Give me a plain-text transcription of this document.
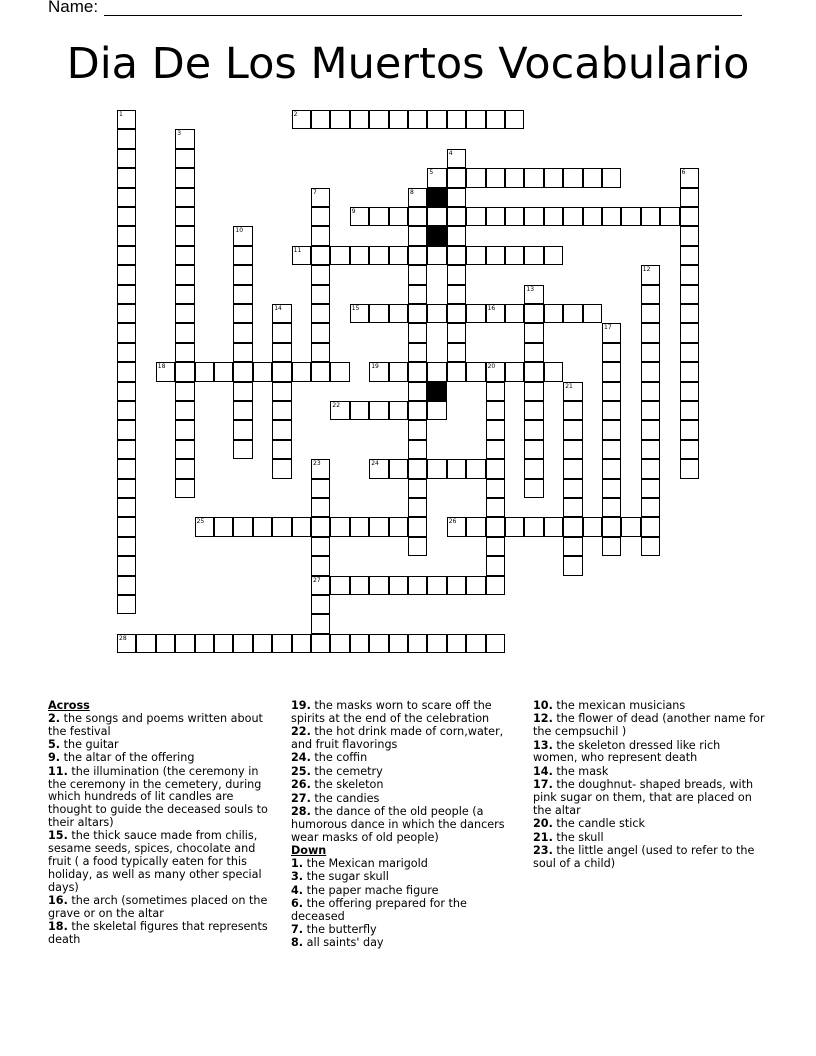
Name:
Dia De Los Muertos Vocabulario
1	2
3
4
5	6
7	8
9
10
11
12
13
14	15	16
17
18	19	20
21
22
23
27
24
25	26
28
Across
2. the songs and poems written about the festival
5. the guitar
9. the altar of the offering
11. the illumination (the ceremony in the ceremony in the cemetery, during which hundreds of lit candles are thought to guide the deceased souls to their altars)
15. the thick sauce made from chilis, sesame seeds, spices, chocolate and fruit ( a food typically eaten for this holiday, as well as many other special days)
16. the arch (sometimes placed on the grave or on the altar
18. the skeletal figures that represents death
19. the masks worn to scare off the spirits at the end of the celebration
22. the hot drink made of corn,water, and fruit flavorings
24. the coffin
25. the cemetry
26. the skeleton
27. the candies
28. the dance of the old people (a humorous dance in which the dancers wear masks of old people)
Down
1. the Mexican marigold
3. the sugar skull
4. the paper mache figure
6. the offering prepared for the deceased
7. the butterfly
8. all saints' day
10. the mexican musicians
12. the flower of dead (another name for the cempsuchil )
13. the skeleton dressed like rich women, who represent death
14. the mask
17. the doughnut- shaped breads, with pink sugar on them, that are placed on the altar
20. the candle stick
21. the skull
23. the little angel (used to refer to the soul of a child)
